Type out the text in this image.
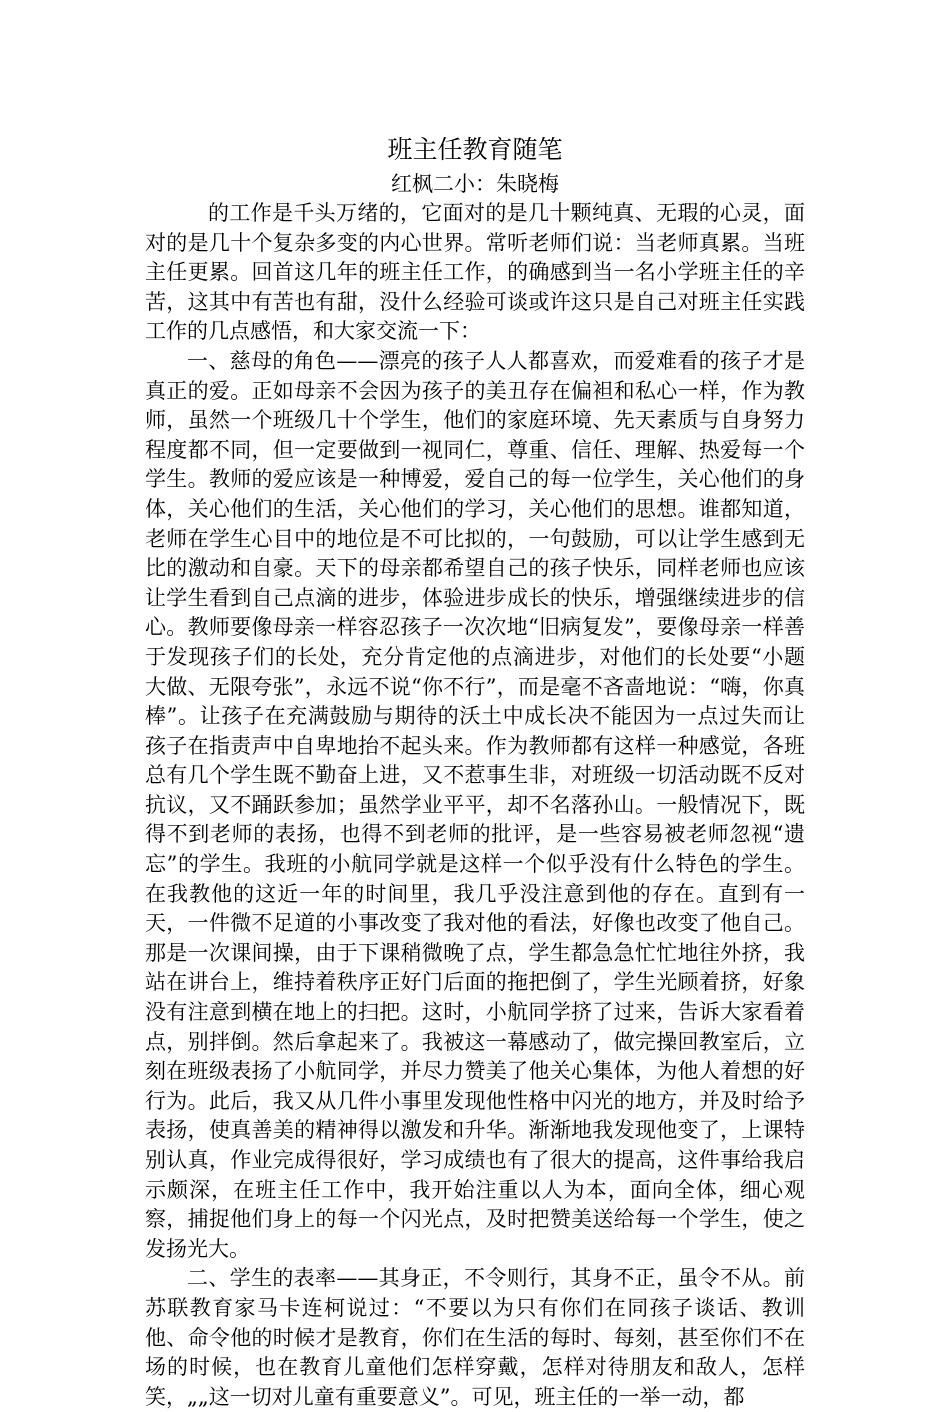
班主任教育随笔

红枫二小：朱晓梅

的工作是千头万绪的，它面对的是几十颗纯真、无瑕的心灵，面对的是几十个复杂多变的内心世界。常听老师们说：当老师真累。当班主任更累。回首这几年的班主任工作，的确感到当一名小学班主任的辛苦，这其中有苦也有甜，没什么经验可谈或许这只是自己对班主任实践工作的几点感悟，和大家交流一下：

一、慈母的角色——漂亮的孩子人人都喜欢，而爱难看的孩子才是真正的爱。正如母亲不会因为孩子的美丑存在偏袒和私心一样，作为教师，虽然一个班级几十个学生，他们的家庭环境、先天素质与自身努力程度都不同，但一定要做到一视同仁，尊重、信任、理解、热爱每一个学生。教师的爱应该是一种博爱，爱自己的每一位学生，关心他们的身体，关心他们的生活，关心他们的学习，关心他们的思想。谁都知道，老师在学生心目中的地位是不可比拟的，一句鼓励，可以让学生感到无比的激动和自豪。天下的母亲都希望自己的孩子快乐，同样老师也应该让学生看到自己点滴的进步，体验进步成长的快乐，增强继续进步的信心。教师要像母亲一样容忍孩子一次次地“旧病复发”，要像母亲一样善于发现孩子们的长处，充分肯定他的点滴进步，对他们的长处要“小题大做、无限夸张”，永远不说“你不行”，而是毫不吝啬地说：“嗨，你真棒”。让孩子在充满鼓励与期待的沃土中成长决不能因为一点过失而让孩子在指责声中自卑地抬不起头来。作为教师都有这样一种感觉，各班总有几个学生既不勤奋上进，又不惹事生非，对班级一切活动既不反对抗议，又不踊跃参加；虽然学业平平，却不名落孙山。一般情况下，既得不到老师的表扬，也得不到老师的批评，是一些容易被老师忽视“遗忘”的学生。我班的小航同学就是这样一个似乎没有什么特色的学生。在我教他的这近一年的时间里，我几乎没注意到他的存在。直到有一天，一件微不足道的小事改变了我对他的看法，好像也改变了他自己。那是一次课间操，由于下课稍微晚了点，学生都急急忙忙地往外挤，我站在讲台上，维持着秩序正好门后面的拖把倒了，学生光顾着挤，好象没有注意到横在地上的扫把。这时，小航同学挤了过来，告诉大家看着点，别拌倒。然后拿起来了。我被这一幕感动了，做完操回教室后，立刻在班级表扬了小航同学，并尽力赞美了他关心集体，为他人着想的好行为。此后，我又从几件小事里发现他性格中闪光的地方，并及时给予表扬，使真善美的精神得以激发和升华。渐渐地我发现他变了，上课特别认真，作业完成得很好，学习成绩也有了很大的提高，这件事给我启示颇深，在班主任工作中，我开始注重以人为本，面向全体，细心观察，捕捉他们身上的每一个闪光点，及时把赞美送给每一个学生，使之发扬光大。

二、学生的表率——其身正，不令则行，其身不正，虽令不从。前苏联教育家马卡连柯说过：“不要以为只有你们在同孩子谈话、教训他、命令他的时候才是教育，你们在生活的每时、每刻，甚至你们不在场的时候，也在教育儿童他们怎样穿戴，怎样对待朋友和敌人，怎样笑，„„这一切对儿童有重要意义”。可见，班主任的一举一动，都
